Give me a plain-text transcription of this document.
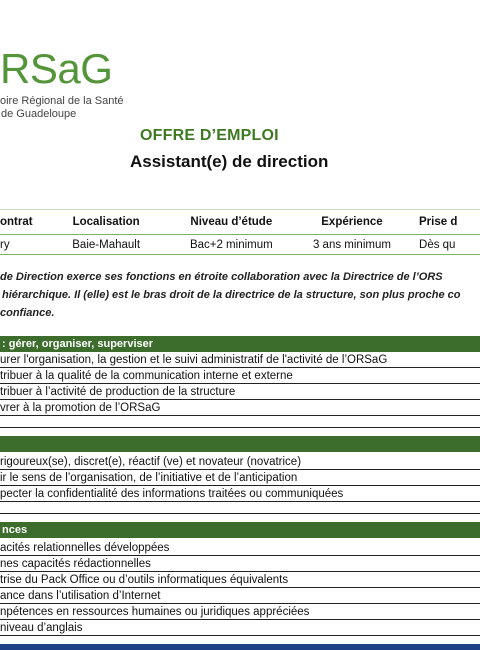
RSaG
oire Régional de la Santé
de Guadeloupe
OFFRE D’EMPLOI
Assistant(e) de direction
ontrat	Localisation	Niveau d’étude	Expérience	Prise d
ry	Baie-Mahault	Bac+2 minimum	3 ans minimum	Dès qu
de Direction exerce ses fonctions en étroite collaboration avec la Directrice de l’ORS
hiérarchique. Il (elle) est le bras droit de la directrice de la structure, son plus proche co
confiance.
: gérer, organiser, superviser
urer l'organisation, la gestion et le suivi administratif de l'activité de l’ORSaG
tribuer à la qualité de la communication interne et externe
tribuer à l’activité de production de la structure
vrer à la promotion de l’ORSaG
rigoureux(se), discret(e), réactif (ve) et novateur (novatrice)
ir le sens de l’organisation, de l’initiative et de l’anticipation
pecter la confidentialité des informations traitées ou communiquées
nces
acités relationnelles développées
nes capacités rédactionnelles
trise du Pack Office ou d’outils informatiques équivalents
ance dans l’utilisation d’Internet
npétences en ressources humaines ou juridiques appréciées
niveau d’anglais
